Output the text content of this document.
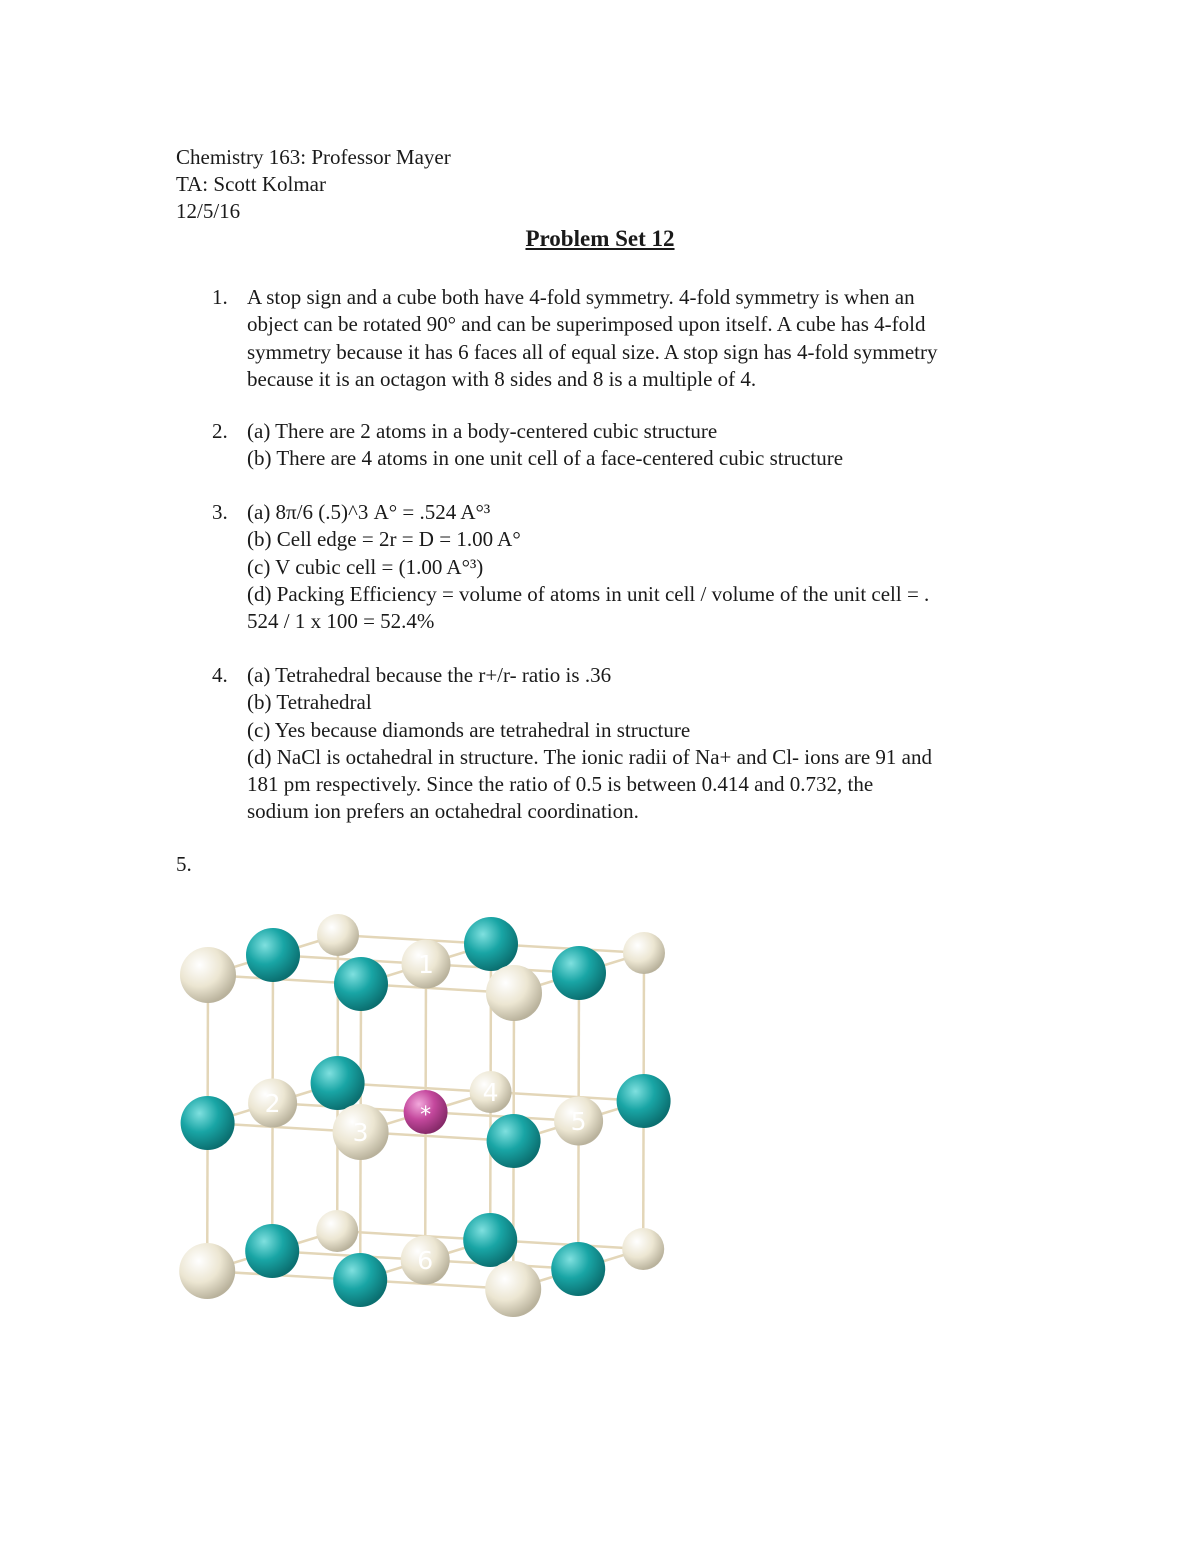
Chemistry 163: Professor Mayer
TA: Scott Kolmar
12/5/16
Problem Set 12
1. A stop sign and a cube both have 4-fold symmetry. 4-fold symmetry is when an
object can be rotated 90° and can be superimposed upon itself. A cube has 4-fold
symmetry because it has 6 faces all of equal size. A stop sign has 4-fold symmetry
because it is an octagon with 8 sides and 8 is a multiple of 4.
2. (a) There are 2 atoms in a body-centered cubic structure
(b) There are 4 atoms in one unit cell of a face-centered cubic structure
3. (a) 8π/6 (.5)^3 A° = .524 A°³
(b) Cell edge = 2r = D = 1.00 A°
(c) V cubic cell = (1.00 A°³)
(d) Packing Efficiency = volume of atoms in unit cell / volume of the unit cell = .
524 / 1 x 100 = 52.4%
4. (a) Tetrahedral because the r+/r- ratio is .36
(b) Tetrahedral
(c) Yes because diamonds are tetrahedral in structure
(d) NaCl is octahedral in structure. The ionic radii of Na+ and Cl- ions are 91 and
181 pm respectively. Since the ratio of 0.5 is between 0.414 and 0.732, the
sodium ion prefers an octahedral coordination.
5.
4
1
2	*	5
6
3
